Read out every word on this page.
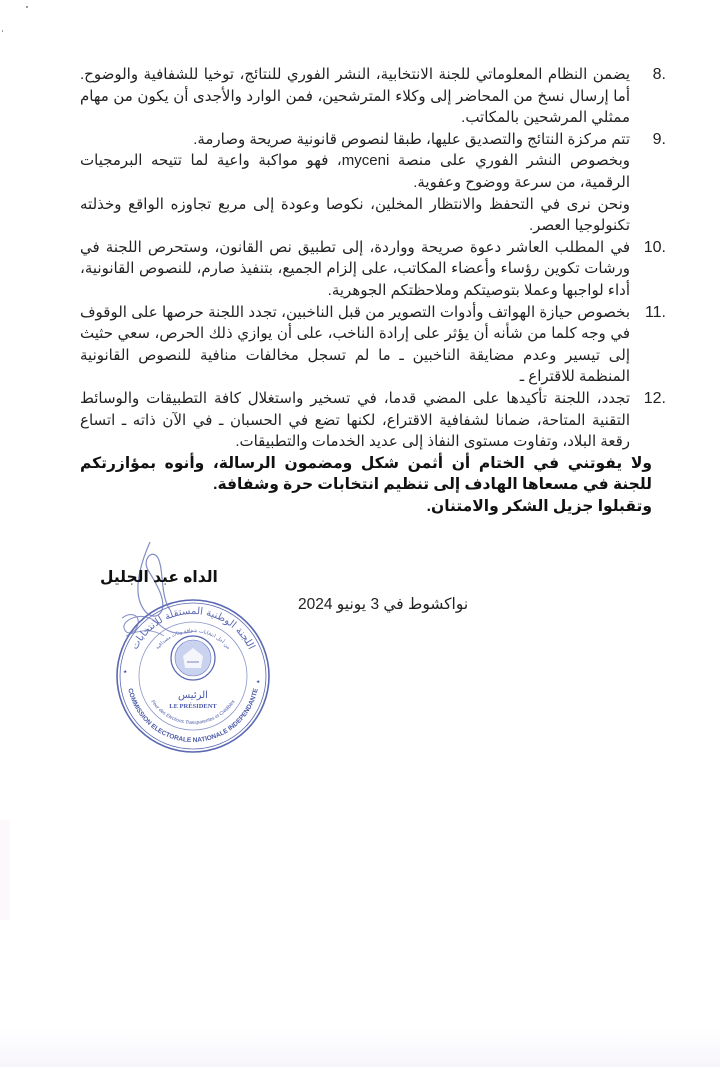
8.

يضمن النظام المعلوماتي للجنة الانتخابية، النشر الفوري للنتائج، توخيا للشفافية والوضوح. أما إرسال نسخ من المحاضر إلى وكلاء المترشحين، فمن الوارد والأجدى أن يكون من مهام ممثلي المرشحين بالمكاتب.

9.

تتم مركزة النتائج والتصديق عليها، طبقا لنصوص قانونية صريحة وصارمة.

وبخصوص النشر الفوري على منصة myceni، فهو مواكبة واعية لما تتيحه البرمجيات الرقمية، من سرعة ووضوح وعفوية.

ونحن نرى في التحفظ والانتظار المخلين، نكوصا وعودة إلى مربع تجاوزه الواقع وخذلته تكنولوجيا العصر.

10.

في المطلب العاشر دعوة صريحة وواردة، إلى تطبيق نص القانون، وستحرص اللجنة في ورشات تكوين رؤساء وأعضاء المكاتب، على إلزام الجميع، بتنفيذ صارم، للنصوص القانونية، أداء لواجبها وعملا بتوصيتكم وملاحظتكم الجوهرية.

11.

بخصوص حيازة الهواتف وأدوات التصوير من قبل الناخبين، تجدد اللجنة حرصها على الوقوف في وجه كلما من شأنه أن يؤثر على إرادة الناخب، على أن يوازي ذلك الحرص، سعي حثيث إلى تيسير وعدم مضايقة الناخبين ـ ما لم تسجل مخالفات منافية للنصوص القانونية المنظمة للاقتراع ـ

12.

تجدد، اللجنة تأكيدها على المضي قدما، في تسخير واستغلال كافة التطبيقات والوسائط التقنية المتاحة، ضمانا لشفافية الاقتراع، لكنها تضع في الحسبان ـ في الآن ذاته ـ اتساع رقعة البلاد، وتفاوت مستوى النفاذ إلى عديد الخدمات والتطبيقات.

ولا يفوتني في الختام أن أثمن شكل ومضمون الرسالة، وأنوه بمؤازرتكم للجنة في مسعاها الهادف إلى تنظيم انتخابات حرة وشفافة.

وتقبلوا جزيل الشكر والامتنان.

اللجنة الوطنية المستقلة للانتخابات
من أجل انتخابات شفافة وذات مصداقية
الرئيس
LE PRÉSIDENT
COMMISSION ELECTORALE NATIONALE INDEPENDANTE
Pour des Elections Transparentes et Crédibles
٭
٭
الداه عبد الجليل
نواكشوط في 3 يونيو 2024
